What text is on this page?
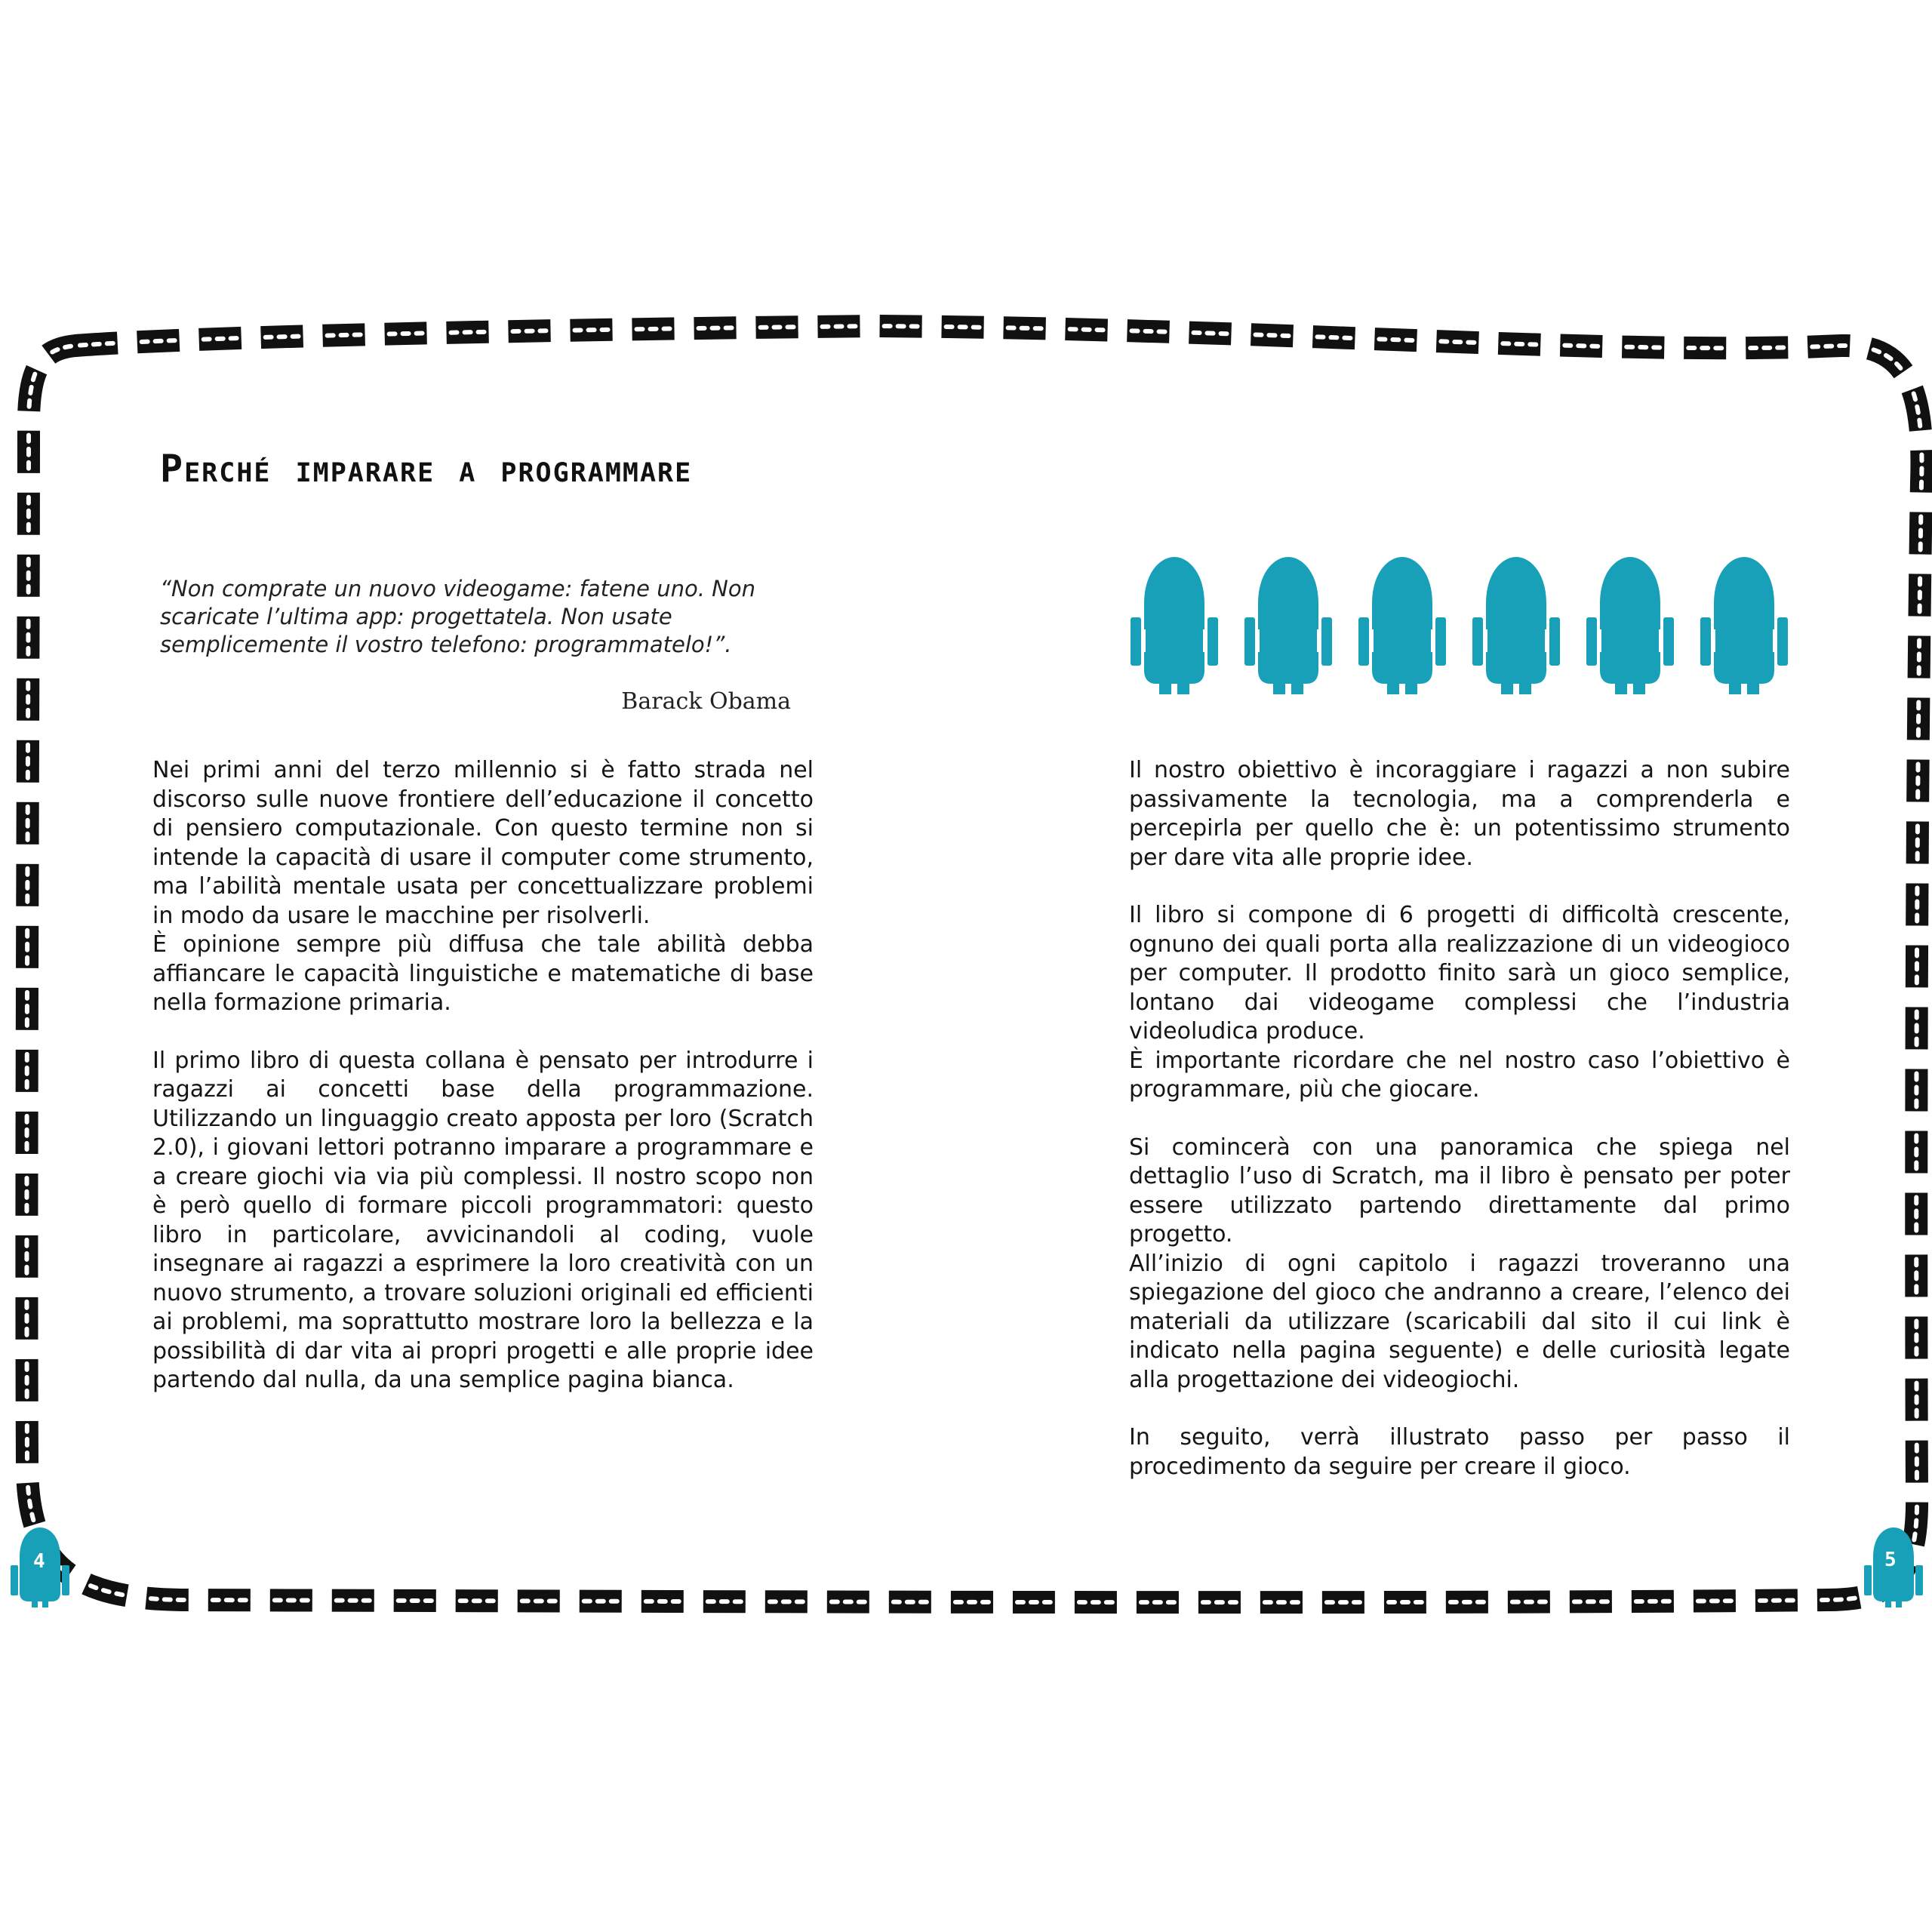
Perché imparare a programmare
“Non comprate un nuovo videogame: fatene uno. Non scaricate l’ultima app: progettatela. Non usate semplicemente il vostro telefono: programmatelo!”.
Barack Obama

Nei primi anni del terzo millennio si è fatto strada nel discorso sulle nuove frontiere dell’educazione il concetto di pensiero computazionale. Con questo termine non si intende la capacità di usare il computer come strumento, ma l’abilità mentale usata per concettualizzare problemi in modo da usare le macchine per risolverli.

È opinione sempre più diffusa che tale abilità debba affiancare le capacità linguistiche e matematiche di base nella formazione primaria.

Il primo libro di questa collana è pensato per introdurre i ragazzi ai concetti base della programmazione. Utilizzando un linguaggio creato apposta per loro (Scratch 2.0), i giovani lettori potranno imparare a programmare e a creare giochi via via più complessi. Il nostro scopo non è però quello di formare piccoli programmatori: questo libro in particolare, avvicinandoli al coding, vuole insegnare ai ragazzi a esprimere la loro creatività con un nuovo strumento, a trovare soluzioni originali ed efficienti ai problemi, ma soprattutto mostrare loro la bellezza e la possibilità di dar vita ai propri progetti e alle proprie idee partendo dal nulla, da una semplice pagina bianca.

Il nostro obiettivo è incoraggiare i ragazzi a non subire passivamente la tecnologia, ma a comprenderla e percepirla per quello che è: un potentissimo strumento per dare vita alle proprie idee.

Il libro si compone di 6 progetti di difficoltà crescente, ognuno dei quali porta alla realizzazione di un videogioco per computer. Il prodotto finito sarà un gioco semplice, lontano dai videogame complessi che l’industria videoludica produce.

È importante ricordare che nel nostro caso l’obiettivo è programmare, più che giocare.

Si comincerà con una panoramica che spiega nel dettaglio l’uso di Scratch, ma il libro è pensato per poter essere utilizzato partendo direttamente dal primo progetto.

All’inizio di ogni capitolo i ragazzi troveranno una spiegazione del gioco che andranno a creare, l’elenco dei materiali da utilizzare (scaricabili dal sito il cui link è indicato nella pagina seguente) e delle curiosità legate alla progettazione dei videogiochi.

In seguito, verrà illustrato passo per passo il procedimento da seguire per creare il gioco.

4	5
